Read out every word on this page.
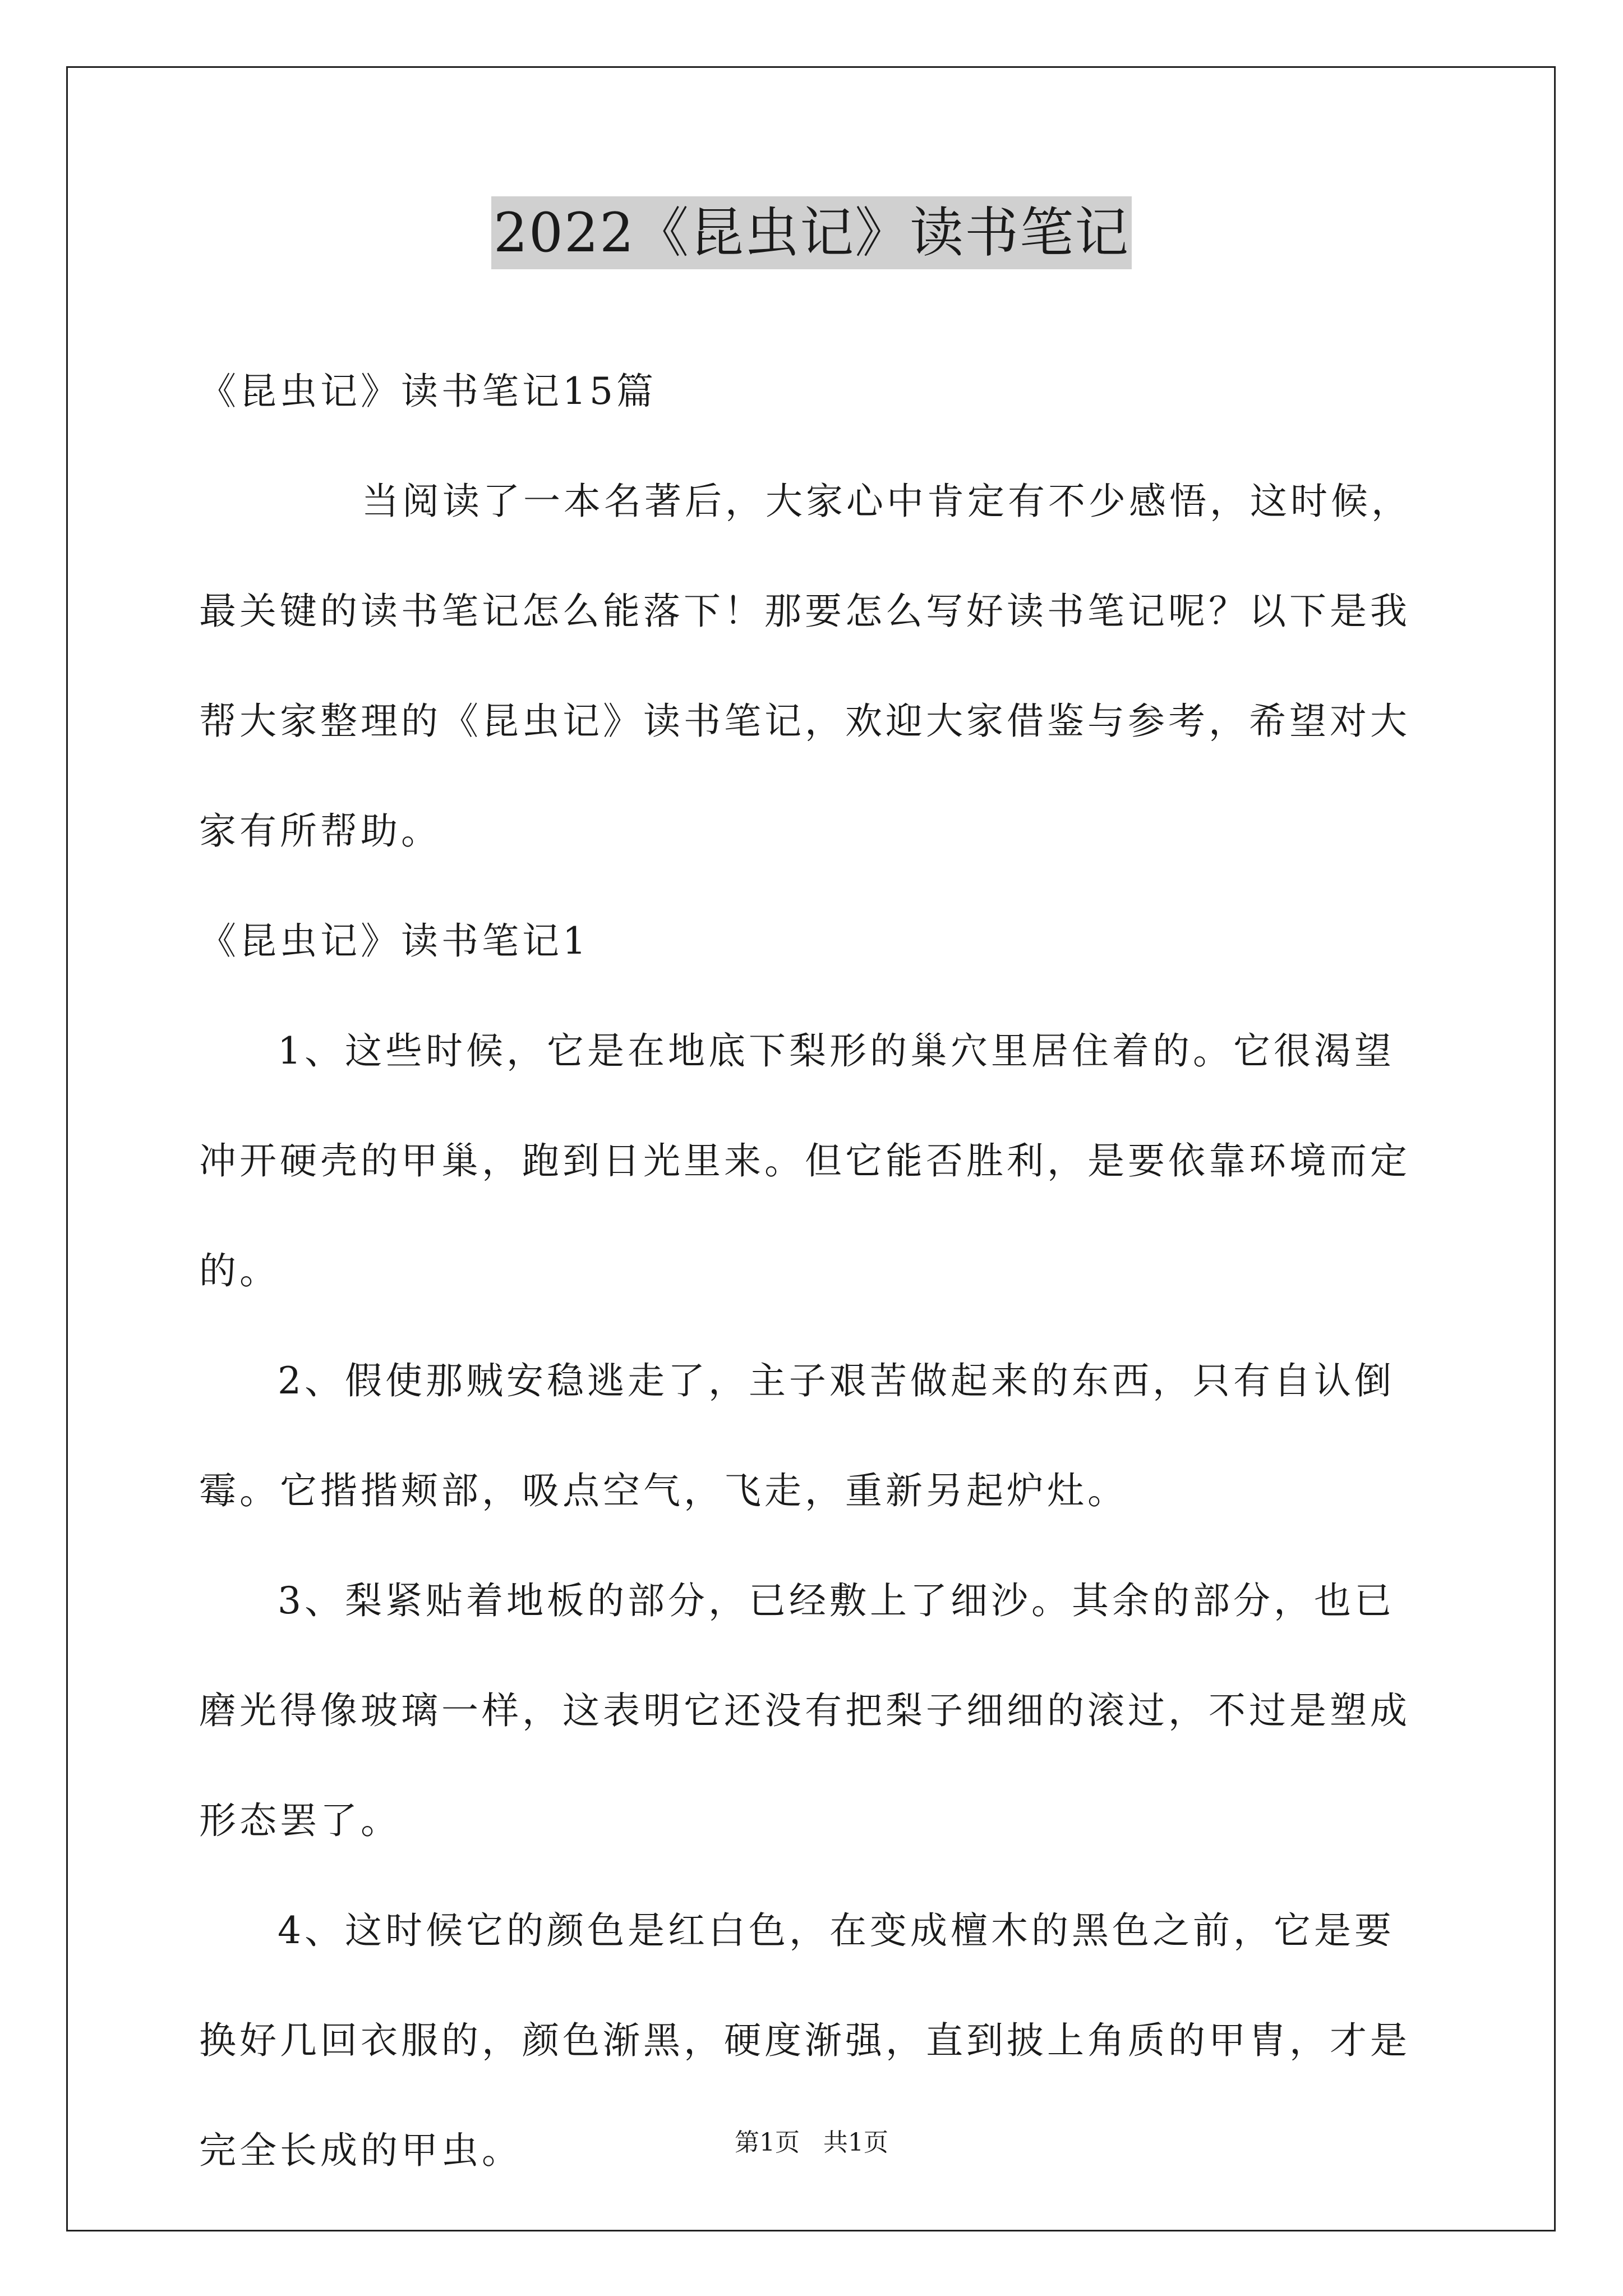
2022《昆虫记》读书笔记

《昆虫记》读书笔记15篇

当阅读了一本名著后，大家心中肯定有不少感悟，这时候，最关键的读书笔记怎么能落下！那要怎么写好读书笔记呢？以下是我帮大家整理的《昆虫记》读书笔记，欢迎大家借鉴与参考，希望对大家有所帮助。

《昆虫记》读书笔记1

1、这些时候，它是在地底下梨形的巢穴里居住着的。它很渴望冲开硬壳的甲巢，跑到日光里来。但它能否胜利，是要依靠环境而定的。

2、假使那贼安稳逃走了，主子艰苦做起来的东西，只有自认倒霉。它揩揩颊部，吸点空气，飞走，重新另起炉灶。

3、梨紧贴着地板的部分，已经敷上了细沙。其余的部分，也已磨光得像玻璃一样，这表明它还没有把梨子细细的滚过，不过是塑成形态罢了。

4、这时候它的颜色是红白色，在变成檀木的黑色之前，它是要换好几回衣服的，颜色渐黑，硬度渐强，直到披上角质的甲胄，才是完全长成的甲虫。	第1页   共1页
